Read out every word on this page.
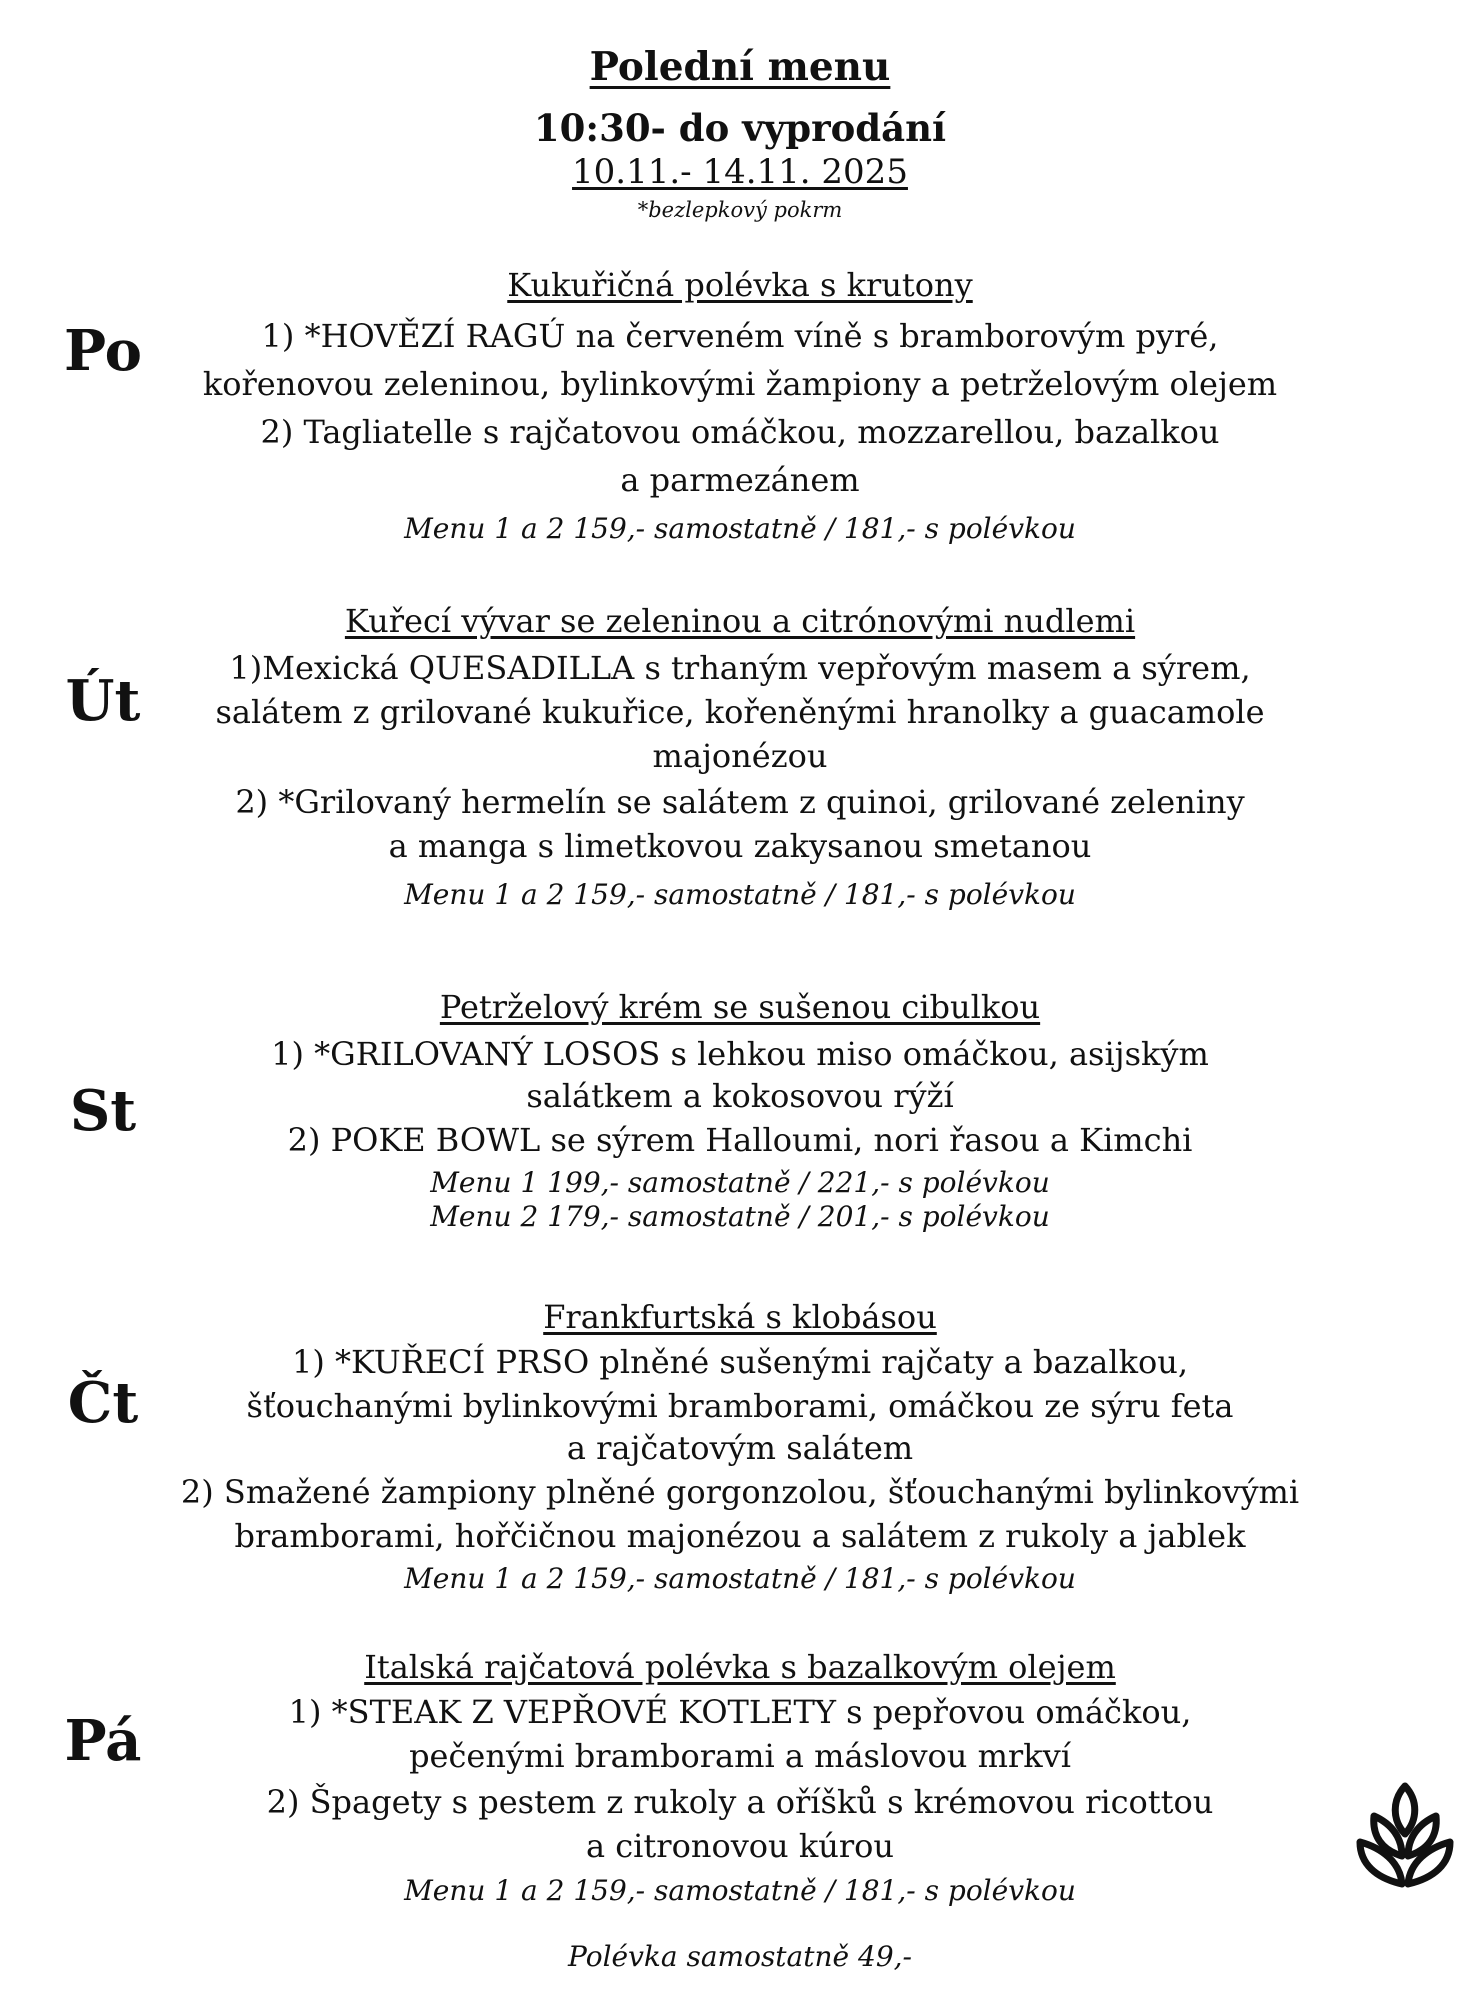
Polední menu
10:30- do vyprodání
10.11.- 14.11. 2025
*bezlepkový pokrm
Po
Kukuřičná polévka s krutony
1) *HOVĚZÍ RAGÚ na červeném víně s bramborovým pyré,
kořenovou zeleninou, bylinkovými žampiony a petrželovým olejem
2) Tagliatelle s rajčatovou omáčkou, mozzarellou, bazalkou
a parmezánem
Menu 1 a 2 159,- samostatně / 181,- s polévkou
Út
Kuřecí vývar se zeleninou a citrónovými nudlemi
1)Mexická QUESADILLA s trhaným vepřovým masem a sýrem,
salátem z grilované kukuřice, kořeněnými hranolky a guacamole
majonézou
2) *Grilovaný hermelín se salátem z quinoi, grilované zeleniny
a manga s limetkovou zakysanou smetanou
Menu 1 a 2 159,- samostatně / 181,- s polévkou
St
Petrželový krém se sušenou cibulkou
1) *GRILOVANÝ LOSOS s lehkou miso omáčkou, asijským
salátkem a kokosovou rýží
2) POKE BOWL se sýrem Halloumi, nori řasou a Kimchi
Menu 1 199,- samostatně / 221,- s polévkou
Menu 2 179,- samostatně / 201,- s polévkou
Čt
Frankfurtská s klobásou
1) *KUŘECÍ PRSO plněné sušenými rajčaty a bazalkou,
šťouchanými bylinkovými bramborami, omáčkou ze sýru feta
a rajčatovým salátem
2) Smažené žampiony plněné gorgonzolou, šťouchanými bylinkovými
bramborami, hořčičnou majonézou a salátem z rukoly a jablek
Menu 1 a 2 159,- samostatně / 181,- s polévkou
Pá
Italská rajčatová polévka s bazalkovým olejem
1) *STEAK Z VEPŘOVÉ KOTLETY s pepřovou omáčkou,
pečenými bramborami a máslovou mrkví
2) Špagety s pestem z rukoly a oříšků s krémovou ricottou
a citronovou kúrou
Menu 1 a 2 159,- samostatně / 181,- s polévkou
Polévka samostatně 49,-
